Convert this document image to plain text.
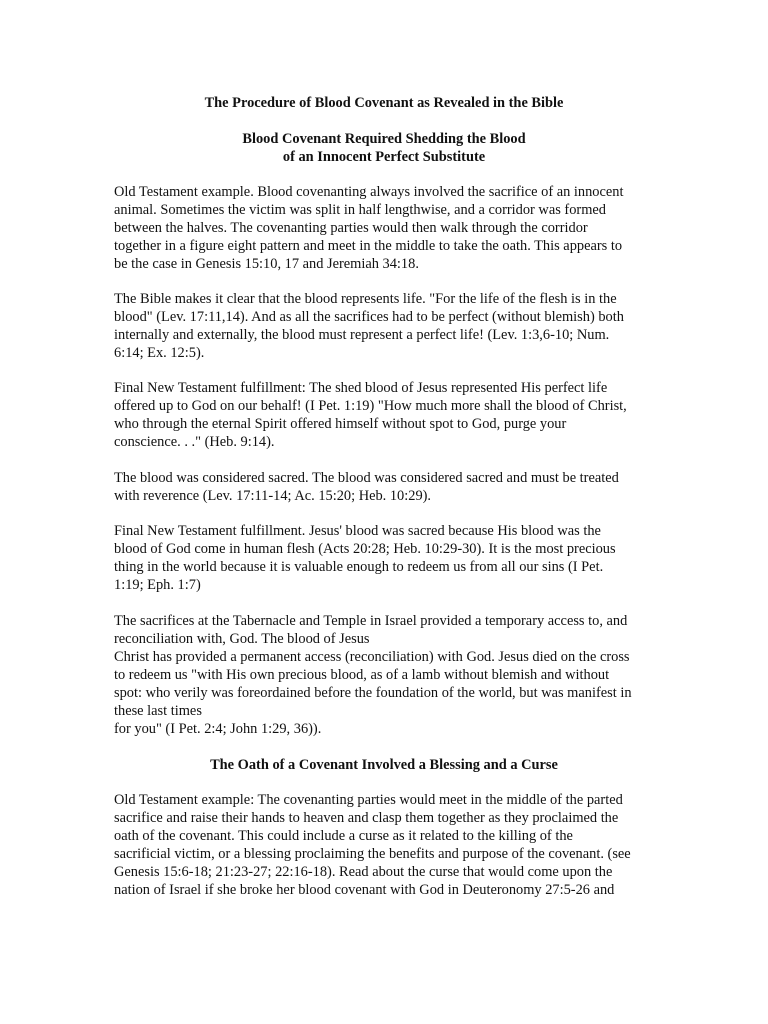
The Procedure of Blood Covenant as Revealed in the Bible
Blood Covenant Required Shedding the Blood
of an Innocent Perfect Substitute
Old Testament example. Blood covenanting always involved the sacrifice of an innocent
animal. Sometimes the victim was split in half lengthwise, and a corridor was formed
between the halves. The covenanting parties would then walk through the corridor
together in a figure eight pattern and meet in the middle to take the oath. This appears to
be the case in Genesis 15:10, 17 and Jeremiah 34:18.
The Bible makes it clear that the blood represents life. "For the life of the flesh is in the
blood" (Lev. 17:11,14). And as all the sacrifices had to be perfect (without blemish) both
internally and externally, the blood must represent a perfect life! (Lev. 1:3,6-10; Num.
6:14; Ex. 12:5).
Final New Testament fulfillment: The shed blood of Jesus represented His perfect life
offered up to God on our behalf! (I Pet. 1:19) "How much more shall the blood of Christ,
who through the eternal Spirit offered himself without spot to God, purge your
conscience. . ." (Heb. 9:14).
The blood was considered sacred. The blood was considered sacred and must be treated
with reverence (Lev. 17:11-14; Ac. 15:20; Heb. 10:29).
Final New Testament fulfillment. Jesus' blood was sacred because His blood was the
blood of God come in human flesh (Acts 20:28; Heb. 10:29-30). It is the most precious
thing in the world because it is valuable enough to redeem us from all our sins (I Pet.
1:19; Eph. 1:7)
The sacrifices at the Tabernacle and Temple in Israel provided a temporary access to, and
reconciliation with, God. The blood of Jesus
Christ has provided a permanent access (reconciliation) with God. Jesus died on the cross
to redeem us "with His own precious blood, as of a lamb without blemish and without
spot: who verily was foreordained before the foundation of the world, but was manifest in
these last times
for you" (I Pet. 2:4; John 1:29, 36)).
The Oath of a Covenant Involved a Blessing and a Curse
Old Testament example: The covenanting parties would meet in the middle of the parted
sacrifice and raise their hands to heaven and clasp them together as they proclaimed the
oath of the covenant. This could include a curse as it related to the killing of the
sacrificial victim, or a blessing proclaiming the benefits and purpose of the covenant. (see
Genesis 15:6-18; 21:23-27; 22:16-18). Read about the curse that would come upon the
nation of Israel if she broke her blood covenant with God in Deuteronomy 27:5-26 and
